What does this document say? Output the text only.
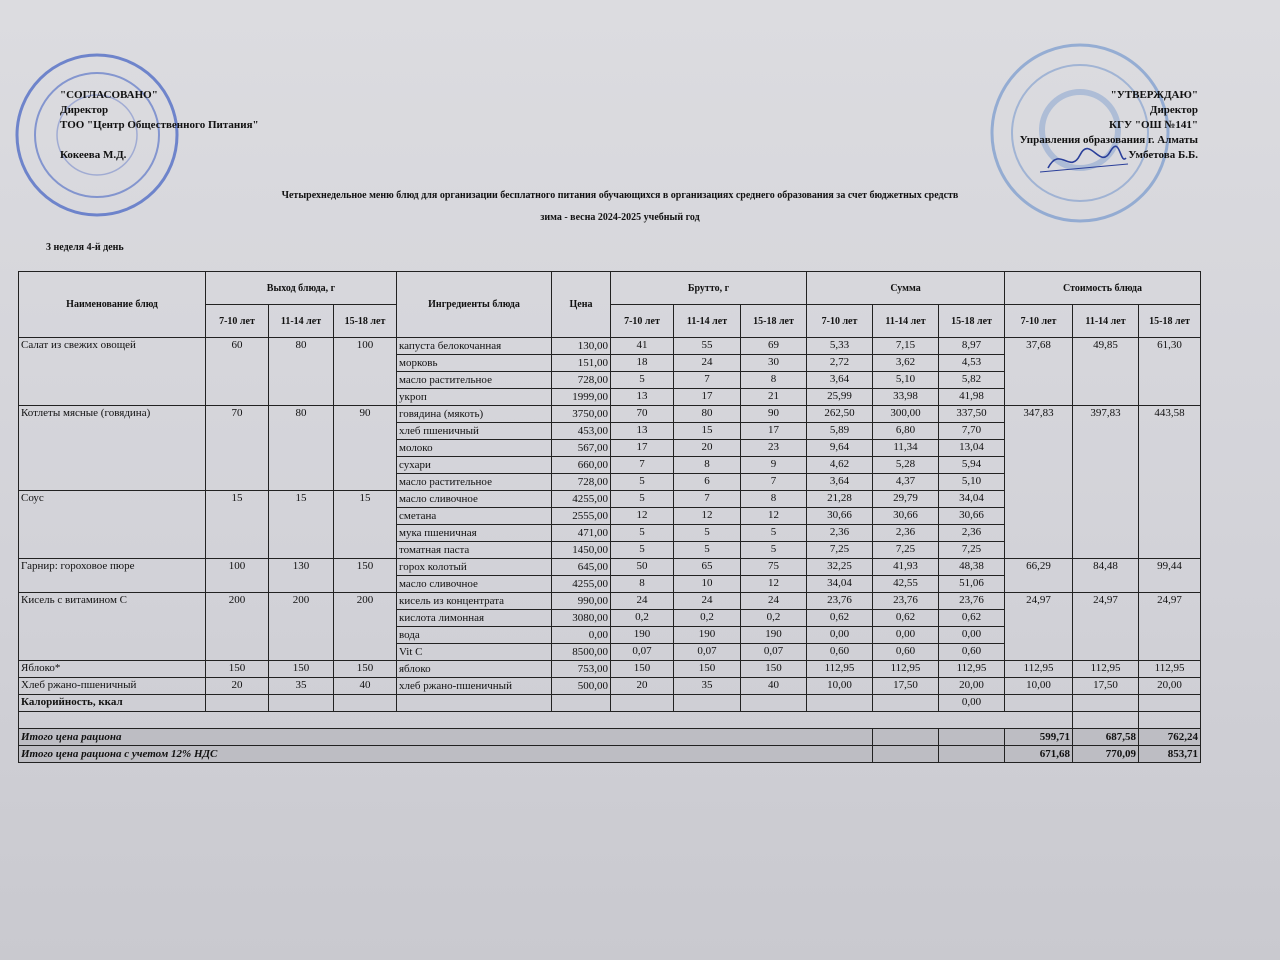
"СОГЛАСОВАНО"
Директор
ТОО "Центр Общественного Питания"
Кокеева М.Д.
"УТВЕРЖДАЮ"
Директор
КГУ "ОШ №141"
Управления образования г. Алматы
Умбетова Б.Б.
Четырехнедельное меню блюд для организации бесплатного питания обучающихся в организациях среднего образования за счет бюджетных средств
зима - весна 2024-2025 учебный год
3 неделя 4-й день
Наименование блюд	Выход блюда, г			Ингредиенты блюда	Цена	Брутто, г			Сумма			Стоимость блюда		
	7-10 лет	11-14 лет	15-18 лет			7-10 лет	11-14 лет	15-18 лет	7-10 лет	11-14 лет	15-18 лет	7-10 лет	11-14 лет	15-18 лет
Салат из свежих овощей	60	80	100	капуста белокочанная	130,00	41	55	69	5,33	7,15	8,97	37,68	49,85	61,30
				морковь	151,00	18	24	30	2,72	3,62	4,53			
				масло растительное	728,00	5	7	8	3,64	5,10	5,82			
				укроп	1999,00	13	17	21	25,99	33,98	41,98			
Котлеты мясные (говядина)	70	80	90	говядина (мякоть)	3750,00	70	80	90	262,50	300,00	337,50	347,83	397,83	443,58
				хлеб пшеничный	453,00	13	15	17	5,89	6,80	7,70			
				молоко	567,00	17	20	23	9,64	11,34	13,04			
				сухари	660,00	7	8	9	4,62	5,28	5,94			
				масло растительное	728,00	5	6	7	3,64	4,37	5,10			
Соус	15	15	15	масло сливочное	4255,00	5	7	8	21,28	29,79	34,04			
				сметана	2555,00	12	12	12	30,66	30,66	30,66			
				мука пшеничная	471,00	5	5	5	2,36	2,36	2,36			
				томатная паста	1450,00	5	5	5	7,25	7,25	7,25			
Гарнир: гороховое пюре	100	130	150	горох колотый	645,00	50	65	75	32,25	41,93	48,38	66,29	84,48	99,44
				масло сливочное	4255,00	8	10	12	34,04	42,55	51,06			
Кисель с витамином С	200	200	200	кисель из концентрата	990,00	24	24	24	23,76	23,76	23,76	24,97	24,97	24,97
				кислота лимонная	3080,00	0,2	0,2	0,2	0,62	0,62	0,62			
				вода	0,00	190	190	190	0,00	0,00	0,00			
				Vit C	8500,00	0,07	0,07	0,07	0,60	0,60	0,60			
Яблоко*	150	150	150	яблоко	753,00	150	150	150	112,95	112,95	112,95	112,95	112,95	112,95
Хлеб ржано-пшеничный	20	35	40	хлеб ржано-пшеничный	500,00	20	35	40	10,00	17,50	20,00	10,00	17,50	20,00
Калорийность, ккал											0,00			

Итого цена рациона												599,71	687,58	762,24
Итого цена рациона с учетом 12% НДС												671,68	770,09	853,71
